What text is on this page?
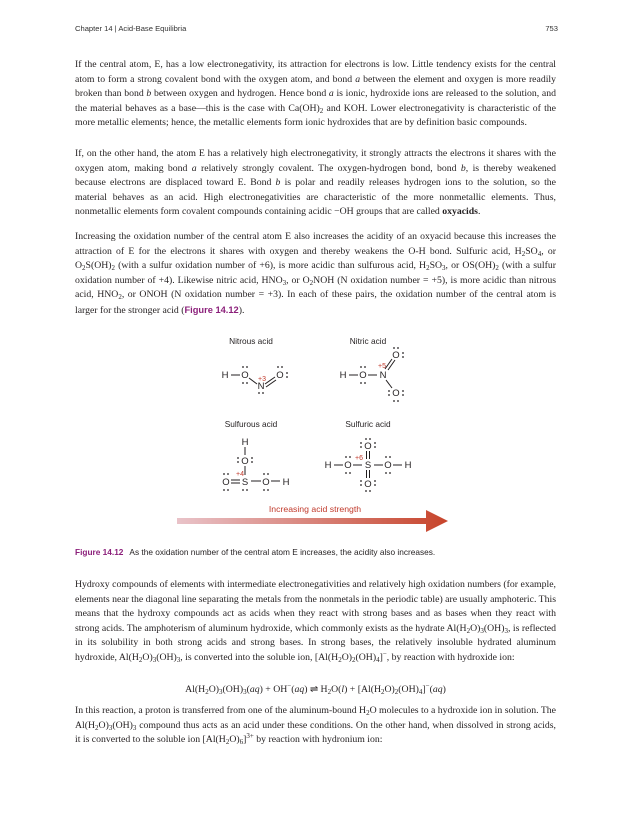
Chapter 14 | Acid-Base Equilibria	753

If the central atom, E, has a low electronegativity, its attraction for electrons is low. Little tendency exists for the central atom to form a strong covalent bond with the oxygen atom, and bond a between the element and oxygen is more readily broken than bond b between oxygen and hydrogen. Hence bond a is ionic, hydroxide ions are released to the solution, and the material behaves as a base—this is the case with $Ca(OH)_2$ and KOH. Lower electronegativity is characteristic of the more metallic elements; hence, the metallic elements form ionic hydroxides that are by definition basic compounds.

If, on the other hand, the atom E has a relatively high electronegativity, it strongly attracts the electrons it shares with the oxygen atom, making bond a relatively strongly covalent. The oxygen-hydrogen bond, bond b, is thereby weakened because electrons are displaced toward E. Bond b is polar and readily releases hydrogen ions to the solution, so the material behaves as an acid. High electronegativities are characteristic of the more nonmetallic elements. Thus, nonmetallic elements form covalent compounds containing acidic −OH groups that are called oxyacids.

Increasing the oxidation number of the central atom E also increases the acidity of an oxyacid because this increases the attraction of E for the electrons it shares with oxygen and thereby weakens the O-H bond. Sulfuric acid, $H_2SO_4$, or $O_2S(OH)_2$ (with a sulfur oxidation number of +6), is more acidic than sulfurous acid, $H_2SO_3$, or $OS(OH)_2$ (with a sulfur oxidation number of +4). Likewise nitric acid, $HNO_3$, or $O_2NOH$ (N oxidation number = +5), is more acidic than nitrous acid, $HNO_2$, or ONOH (N oxidation number = +3). In each of these pairs, the oxidation number of the central atom is larger for the stronger acid (Figure 14.12).

Nitrous acid	Nitric acid
Sulfurous acid	Sulfuric acid
H O
N
O
+3	H O N
O
O
+5
H
O
S
O	O H
+4
O
S
O
H O	O H
+6
Increasing acid strength
Figure 14.12 As the oxidation number of the central atom E increases, the acidity also increases.

Hydroxy compounds of elements with intermediate electronegativities and relatively high oxidation numbers (for example, elements near the diagonal line separating the metals from the nonmetals in the periodic table) are usually amphoteric. This means that the hydroxy compounds act as acids when they react with strong bases and as bases when they react with strong acids. The amphoterism of aluminum hydroxide, which commonly exists as the hydrate $Al(H_2O)_3(OH)_3$, is reflected in its solubility in both strong acids and strong bases. In strong bases, the relatively insoluble hydrated aluminum hydroxide, $Al(H_2O)_3(OH)_3$, is converted into the soluble ion, $[Al(H_2O)_2(OH)_4]^-$, by reaction with hydroxide ion:

$Al(H_2O)_3(OH)_3(aq) + OH^-(aq)$ ⇌ $H_2O(l) + [Al(H_2O)_2(OH)_4]^-(aq)$

In this reaction, a proton is transferred from one of the aluminum-bound $H_2O$ molecules to a hydroxide ion in solution. The $Al(H_2O)_3(OH)_3$ compound thus acts as an acid under these conditions. On the other hand, when dissolved in strong acids, it is converted to the soluble ion $[Al(H_2O)_6]^{3+}$ by reaction with hydronium ion:
